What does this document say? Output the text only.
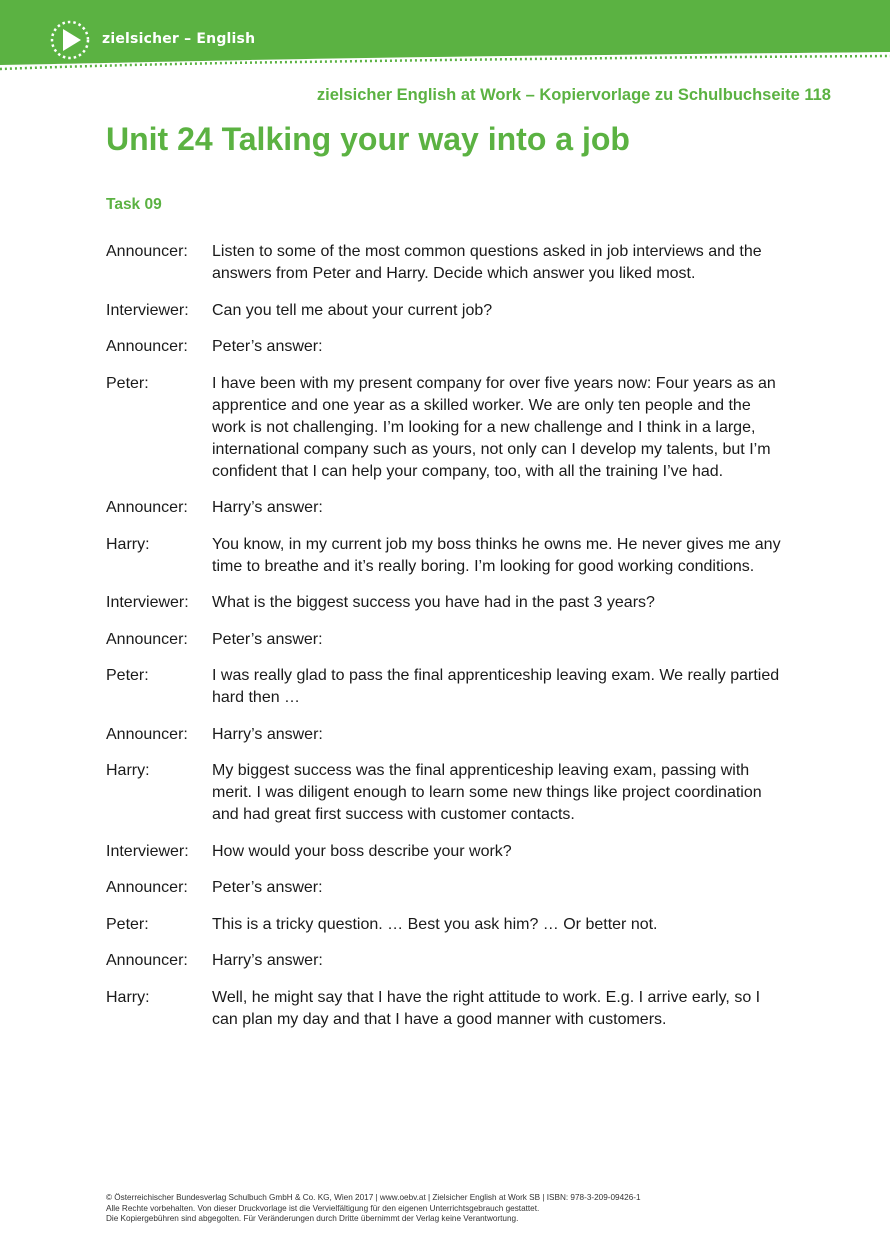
zielsicher – English
zielsicher English at Work – Kopiervorlage zu Schulbuchseite 118
Unit 24 Talking your way into a job
Task 09
Announcer:	Listen to some of the most common questions asked in job interviews and the answers from Peter and Harry. Decide which answer you liked most.
Interviewer:	Can you tell me about your current job?
Announcer:	Peter’s answer:
Peter:	I have been with my present company for over five years now: Four years as an apprentice and one year as a skilled worker. We are only ten people and the work is not challenging. I’m looking for a new challenge and I think in a large, international company such as yours, not only can I develop my talents, but I’m confident that I can help your company, too, with all the training I’ve had.
Announcer:	Harry’s answer:
Harry:	You know, in my current job my boss thinks he owns me. He never gives me any time to breathe and it’s really boring. I’m looking for good working conditions.
Interviewer:	What is the biggest success you have had in the past 3 years?
Announcer:	Peter’s answer:
Peter:	I was really glad to pass the final apprenticeship leaving exam. We really partied hard then …
Announcer:	Harry’s answer:
Harry:	My biggest success was the final apprenticeship leaving exam, passing with merit. I was diligent enough to learn some new things like project coordination and had great first success with customer contacts.
Interviewer:	How would your boss describe your work?
Announcer:	Peter’s answer:
Peter:	This is a tricky question. … Best you ask him? … Or better not.
Announcer:	Harry’s answer:
Harry:	Well, he might say that I have the right attitude to work. E.g. I arrive early, so I can plan my day and that I have a good manner with customers.
© Österreichischer Bundesverlag Schulbuch GmbH & Co. KG, Wien 2017 | www.oebv.at | Zielsicher English at Work SB | ISBN: 978-3-209-09426-1
Alle Rechte vorbehalten. Von dieser Druckvorlage ist die Vervielfältigung für den eigenen Unterrichtsgebrauch gestattet.
Die Kopiergebühren sind abgegolten. Für Veränderungen durch Dritte übernimmt der Verlag keine Verantwortung.
